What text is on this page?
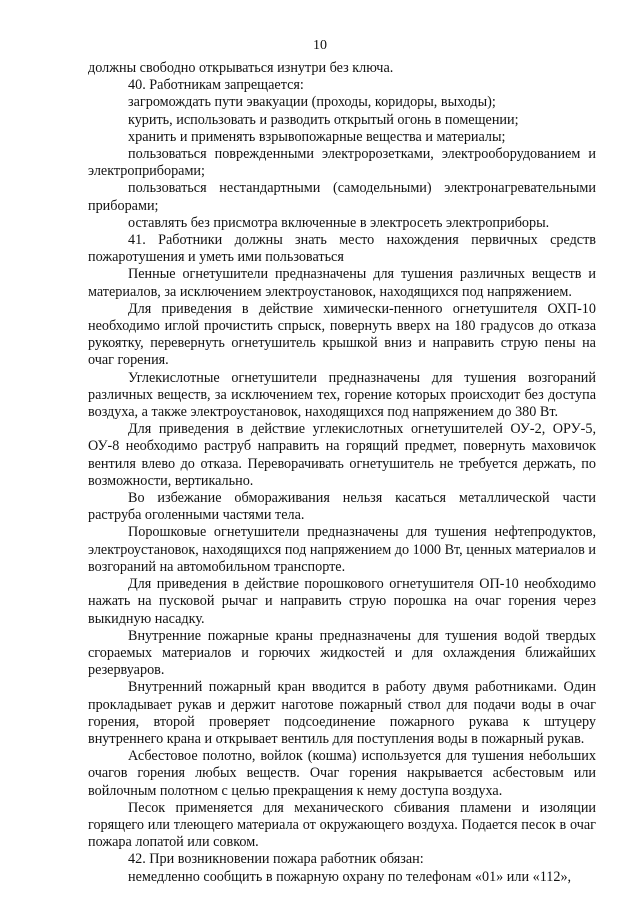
10

должны свободно открываться изнутри без ключа.

40. Работникам запрещается:

загромождать пути эвакуации (проходы, коридоры, выходы);

курить, использовать и разводить открытый огонь в помещении;

хранить и применять взрывопожарные вещества и материалы;

пользоваться поврежденными электророзетками, электрооборудованием и электроприборами;

пользоваться нестандартными (самодельными) электронагревательными приборами;

оставлять без присмотра включенные в электросеть электроприборы.

41. Работники должны знать место нахождения первичных средств пожаротушения и уметь ими пользоваться

Пенные огнетушители предназначены для тушения различных веществ и материалов, за исключением электроустановок, находящихся под напряжением.

Для приведения в действие химически-пенного огнетушителя ОХП-10 необходимо иглой прочистить спрыск, повернуть вверх на 180 градусов до отказа рукоятку, перевернуть огнетушитель крышкой вниз и направить струю пены на очаг горения.

Углекислотные огнетушители предназначены для тушения возгораний различных веществ, за исключением тех, горение которых происходит без доступа воздуха, а также электроустановок, находящихся под напряжением до 380 Вт.

Для приведения в действие углекислотных огнетушителей ОУ-2, ОРУ-5, ОУ-8 необходимо раструб направить на горящий предмет, повернуть маховичок вентиля влево до отказа. Переворачивать огнетушитель не требуется держать, по возможности, вертикально.

Во избежание обмораживания нельзя касаться металлической части раструба оголенными частями тела.

Порошковые огнетушители предназначены для тушения нефтепродуктов, электроустановок, находящихся под напряжением до 1000 Вт, ценных материалов и возгораний на автомобильном транспорте.

Для приведения в действие порошкового огнетушителя ОП-10 необходимо нажать на пусковой рычаг и направить струю порошка на очаг горения через выкидную насадку.

Внутренние пожарные краны предназначены для тушения водой твердых сгораемых материалов и горючих жидкостей и для охлаждения ближайших резервуаров.

Внутренний пожарный кран вводится в работу двумя работниками. Один прокладывает рукав и держит наготове пожарный ствол для подачи воды в очаг горения, второй проверяет подсоединение пожарного рукава к штуцеру внутреннего крана и открывает вентиль для поступления воды в пожарный рукав.

Асбестовое полотно, войлок (кошма) используется для тушения небольших очагов горения любых веществ. Очаг горения накрывается асбестовым или войлочным полотном с целью прекращения к нему доступа воздуха.

Песок применяется для механического сбивания пламени и изоляции горящего или тлеющего материала от окружающего воздуха. Подается песок в очаг пожара лопатой или совком.

42. При возникновении пожара работник обязан:

немедленно сообщить в пожарную охрану по телефонам «01» или «112»,
